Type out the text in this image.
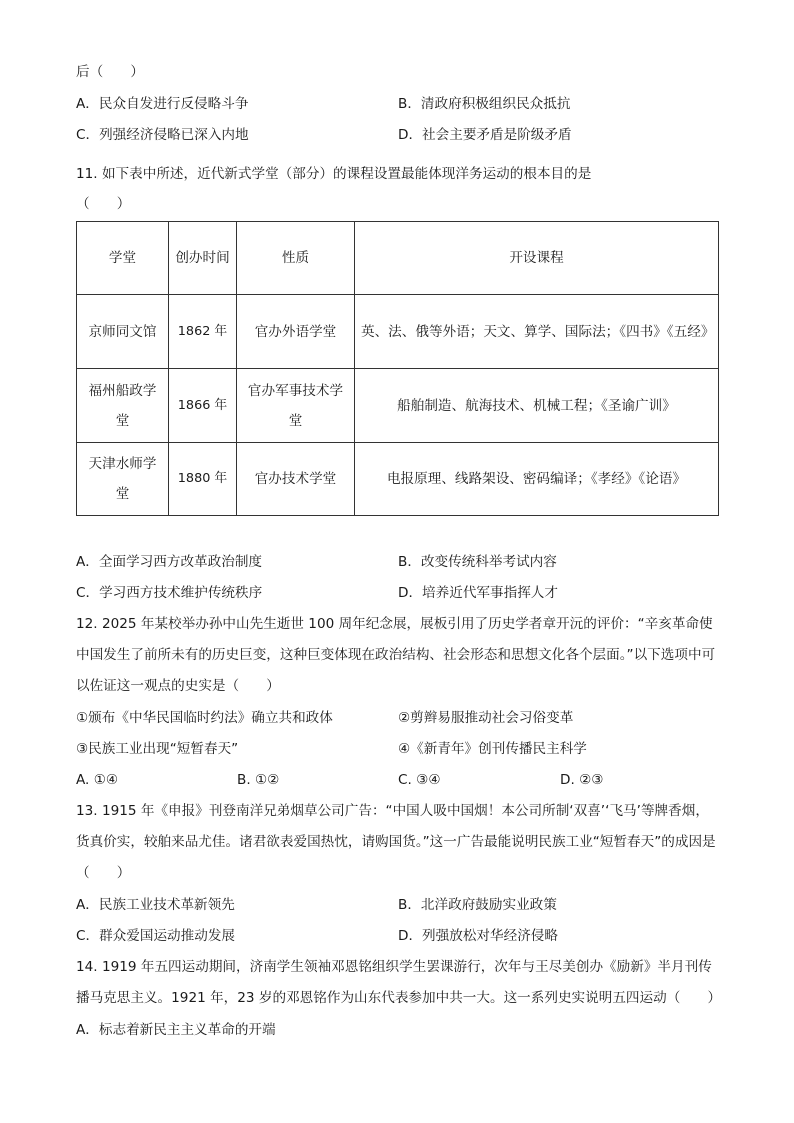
后（　　）
A．民众自发进行反侵略斗争	B．清政府积极组织民众抵抗
C．列强经济侵略已深入内地	D．社会主要矛盾是阶级矛盾
11. 如下表中所述，近代新式学堂（部分）的课程设置最能体现洋务运动的根本目的是
（　　）
学堂	创办时间	性质	开设课程
京师同文馆	1862 年	官办外语学堂	英、法、俄等外语；天文、算学、国际法；《四书》《五经》
福州船政学堂	1866 年	官办军事技术学堂	船舶制造、航海技术、机械工程；《圣谕广训》
天津水师学堂	1880 年	官办技术学堂	电报原理、线路架设、密码编译；《孝经》《论语》
A．全面学习西方改革政治制度	B．改变传统科举考试内容
C．学习西方技术维护传统秩序	D．培养近代军事指挥人才
12. 2025 年某校举办孙中山先生逝世 100 周年纪念展，展板引用了历史学者章开沅的评价：“辛亥革命使中国发生了前所未有的历史巨变，这种巨变体现在政治结构、社会形态和思想文化各个层面。”以下选项中可以佐证这一观点的史实是（　　）
①颁布《中华民国临时约法》确立共和政体	②剪辫易服推动社会习俗变革
③民族工业出现“短暂春天”	④《新青年》创刊传播民主科学
A. ①④	B. ①②	C. ③④	D. ②③
13. 1915 年《申报》刊登南洋兄弟烟草公司广告：“中国人吸中国烟！本公司所制‘双喜’‘飞马’等牌香烟，货真价实，较舶来品尤佳。诸君欲表爱国热忱，请购国货。”这一广告最能说明民族工业“短暂春天”的成因是（　　）
A．民族工业技术革新领先	B．北洋政府鼓励实业政策
C．群众爱国运动推动发展	D．列强放松对华经济侵略
14. 1919 年五四运动期间，济南学生领袖邓恩铭组织学生罢课游行，次年与王尽美创办《励新》半月刊传播马克思主义。1921 年，23 岁的邓恩铭作为山东代表参加中共一大。这一系列史实说明五四运动（　　）
A．标志着新民主主义革命的开端
